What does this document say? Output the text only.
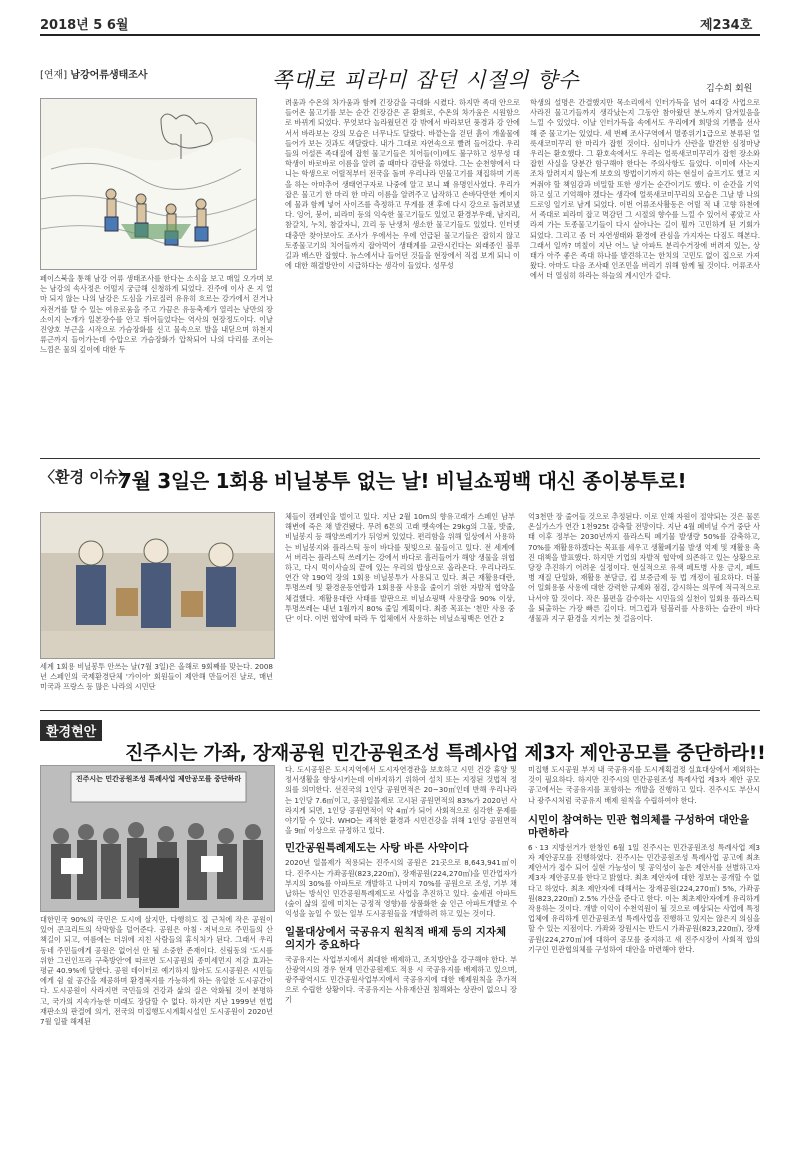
2018년 5 6월	제234호
[연재] 남강어류생태조사	쪽대로 피라미 잡던 시절의 향수	김수희 회원
페이스북을 통해 남강 어류 생태조사를 한다는 소식을 보고 매일 오가며 보는 남강의 속사정은 어떨지 궁금해 신청하게 되었다. 진주에 이사 온 지 얼마 되지 않는 나의 남강은 도심을 가로질러 유유히 흐르는 강가에서 걷거나 자전거를 탈 수 있는 여유로움을 주고 가끔은 유등축제가 열리는 낭만의 장소이지 논개가 일본장수를 안고 뛰어들었다는 역사의 현장정도이다. 이날 진양호 부근을 시작으로 가슴장화를 신고 물속으로 발을 내딛으며 하천지류근까지 들어가는데 수압으로 가슴장화가 압착되어 나의 다리를 조이는 느낌은 물의 깊이에 대한 두
려움과 수온의 차가움과 함께 긴장감을 극대화 시켰다. 하지만 족대 안으로 들어온 물고기를 보는 순간 긴장감은 곧 환희로, 수온의 차가움은 시원함으로 바뀌게 되었다. 무엇보다 놀라웠던건 강 밖에서 바라보던 풍경과 강 안에 서서 바라보는 강의 모습은 너무나도 달랐다. 바깥는을 걷던 흙이 개울물에 들어가 보는 것과도 색달랐다. 내가 그대로 자연속으로 빨려 들어갔다. 우리들의 어설픈 족대질에 잡힌 물고기들은 치어들(이)에도 불구하고 성무성 대학생이 바로바로 이름을 알려 줄 때마다 감탄을 하였다. 그는 순천향에서 다니는 학생으로 어릴적부터 전국을 돌며 우리나라 민물고기를 채집하며 기록을 하는 아마추어 생태연구자로 나중에 알고 보니 꽤 유명인사였다. 우리가 잡은 물고기 한 마리 한 마리 이름을 알려주고 납작하고 손바닥만한 케이지에 물과 함께 넣어 사이즈를 측정하고 무게를 잰 후에 다시 강으로 돌려보냈다. 잉어, 붕어, 피라미 등의 익숙한 물고기들도 있었고 환경부우래, 남지리, 참갈치, 누치, 참갈자니, 끄리 등 난생처 생소한 물고기들도 있었다. 인터넷 대충만 찾아보아도 조사가 우에서는 우에 언급된 물고기들은 잡히지 않고 토종물고기의 치어들까지 잡아먹어 생태계를 교란시킨다는 외래종인 블루길과 배스만 잡혔다. 뉴스에서나 들어던 것들을 현장에서 직접 보게 되니 이에 대한 해결방안이 시급하다는 생각이 들었다. 성무성
학생의 설명은 간결했지만 목소리에서 인터가득을 넘어 4대강 사업으로 사라진 물고기들까지 생각났는지 그동안 참아왔던 분노까지 담겨있음을 느낄 수 있었다. 이날 인터가득을 속에서도 우리에게 희망의 기쁨을 선사해 준 물고기는 있었다. 세 번째 조사구역에서 멸종위기1급으로 분류된 얼룩새코미꾸리 한 마리가 잡힌 것이다. 심미나가 산란을 발견한 심정마냥 우리는 환호했다. 그 환호속에서도 우리는 얼룩새코미꾸리가 잡힌 장소와 잡힌 사실을 당분간 함구해야 한다는 주의사항도 들었다. 이미에 사는지 조차 알려지지 않는게 보호의 방법이기까지 하는 현실이 슬프기도 했고 지켜줘야 할 책임감과 비밀할 또한 생기는 순간이기도 했다. 이 순간을 기억하고 싶고 기억해야 겠다는 생각에 얼룩새코미꾸리의 모습은 그날 밤 나의 드로잉 일기로 남게 되었다. 이번 어류조사활동은 어릴 적 내 고향 하천에서 족대로 피라미 잡고 멱감던 그 시절의 향수를 느낄 수 있어서 좋았고 사라져 가는 토종물고기들이 다시 살아나는 길이 뭘까 고민하게 된 기회가 되었다. 그리고 좀 더 자연생태와 환경에 관심을 가지자는 다짐도 해본다. 그래서 일까? 며칠이 지난 어느 날 아파트 분리수거장에 버려져 있는, 상태가 아주 좋은 족대 하나를 발견하고는 한치의 고민도 없이 집으로 가져왔다. 아마도 다음 조사때 인조민을 버리기 위해 함께 될 것이다. 어류조사에서 더 열심히 하라는 하늘의 계시인가 같다.
〈환경 이슈〉
7월 3일은 1회용 비닐봉투 없는 날! 비닐쇼핑백 대신 종이봉투로!
세계 1회용 비닐봉투 안쓰는 날(7월 3일)은 올해로 9회째를 맞는다. 2008년 스페인의 국제환경단체 '가이아' 회원들이 제안해 만들어진 날로, 매년 미국과 프랑스 등 많은 나라의 시민단
체들이 캠페인을 벌이고 있다. 지난 2월 10m의 향유고래가 스페인 남부 해변에 죽은 채 발견됐다. 무려 6톤의 고래 뱃속에는 29kg의 그물, 밧줄, 비닐봉지 등 해양쓰레기가 뒤엉켜 있었다. 편리함을 위해 일상에서 사용하는 비닐봉지와 플라스틱 등이 바다를 뒷빛으로 물들이고 있다. 전 세계에서 버리는 플라스틱 쓰레기는 강에서 바다로 흘러들어가 해양 생물을 위협하고, 다시 먹이사슬의 끝에 있는 우리의 밥상으로 올라온다. 우리나라도 연간 약 190억 장의 1회용 비닐봉투가 사용되고 있다. 최근 재활용대란, 투명쓰레 및 환경운동연합과 1회용품 사용을 줄이기 위한 자발적 협약을 체결했다. 재활용대란 사태를 발판으로 비닐쇼핑백 사용량을 90% 이상, 투명쓰레는 내년 1월까지 80% 줄일 계획이다. 최종 목표는 '천만 사용 중단' 이다. 이번 협약에 따라 두 업체에서 사용하는 비닐쇼핑백은 연간 2
억3천만 장 줄어들 것으로 추정된다. 이로 인해 자원이 절약되는 것은 물론 온실가스가 연간 1천925t 감축할 전망이다. 지난 4월 폐비닐 수거 중단 사태 이후 정부는 2030년까지 플라스틱 폐기물 발생량 50%를 감축하고, 70%를 재활용하겠다는 목표를 세우고 생활폐기물 발생 억제 및 재활용 촉진 대책을 발표했다. 하지만 기업의 자발적 협약에 의존하고 있는 상황으로 당장 추진하기 어려운 실정이다. 현실적으로 유색 페트병 사용 금지, 페트병 재질 단일화, 재활용 분담금, 컵 보증금제 등 법 개정이 필요하다. 더불어 일회용품 사용에 대한 강력한 규제와 점검, 감시하는 의무에 적극적으로 나서야 할 것이다. 작은 불편을 감수하는 시민들의 실천이 일회용 플라스틱을 퇴출하는 가장 빠른 길이다. 머그컵과 텀블러를 사용하는 습관이 바다 생물과 지구 환경을 지키는 첫 걸음이다.
환경현안
진주시는 가좌, 장재공원 민간공원조성 특례사업 제3자 제안공모를 중단하라!!
진주시는 민간공원조성 특례사업 제안공모를 중단하라
대한민국 90%의 국민은 도시에 살지만, 다행히도 집 근처에 작은 공원이 있어 콘크리트의 삭막함을 덜어준다. 공원은 아침ㆍ저녁으로 주민들의 산책길이 되고, 여름에는 더위에 지친 사람들의 휴식처가 된다. 그래서 우리 동네 주민들에게 공원은 없어선 안 될 소중한 존재이다. 신림동의 '도시를 위한 그린인프라 구축방안'에 따르면 도시공원의 종미세먼지 저감 효과는 평균 40.9%에 달한다. 공원 데이터로 예기하지 않아도 도시공원은 시민들에게 쉼 쉴 공간을 제공하며 환경복지를 가능하게 하는 유일한 도시공간이다. 도시공원이 사라지면 국민들의 건강과 삶의 질은 악화될 것이 분명하고, 국가의 지속가능한 미래도 장담할 수 없다. 하지만 지난 1999년 헌법재판소의 판결에 의거, 전국의 미집행도시계획시설인 도시공원이 2020년 7월 일괄 해제된
다. 도시공원은 도시지역에서 도시자연경관을 보호하고 시민 건강 휴양 및 정서생활을 향상시키는데 이바지하기 위하여 설치 또는 지정된 것법적 정의를 의미한다. 선진국의 1인당 공원면적은 20~30㎡인데 반해 우리나라는 1인당 7.6㎡이고, 공원일몰제로 고시된 공원면적의 83%가 2020년 사라지게 되면, 1인당 공원면적이 약 4㎡가 되어 사회적으로 심각한 문제를 야기할 수 있다. WHO는 쾌적한 환경과 시민건강을 위해 1인당 공원면적을 9㎡ 이상으로 규정하고 있다.
민간공원특례제도는 사탕 바른 사약이다
2020년 일몰제가 적용되는 진주시의 공원은 21곳으로 8,643,941㎡이다. 진주시는 가좌공원(823,220㎡), 장재공원(224,270㎡)을 민간업자가 부지의 30%를 아파트로 개발하고 나머지 70%를 공원으로 조성, 기부 채납하는 방식인 민간공원특례제도로 사업을 추진하고 있다. 숲세권 아파트(숲이 삶의 질에 미치는 긍정적 영향)를 상품화한 숲 인근 아파트개발로 수익성을 높일 수 있는 일부 도시공원들을 개발하려 하고 있는 것이다.
일몰대상에서 국공유지 원칙적 배제 등의 지자체 의지가 중요하다
국공유지는 사업부지에서 최대한 배제하고, 조치방안을 강구해야 한다. 부산광역시의 경우 현재 민간공원제도 적용 시 국공유지를 배제하고 있으며, 광주광역시도 민간공원사업부지에서 국공유지에 대한 배제원칙을 추가적으로 수립한 상황이다. 국공유지는 사유재산권 침해와는 상관이 없으니 장기
미집행 도시공원 부지 내 국공유지를 도시계획결정 실효대상에서 제외하는 것이 필요하다. 하지만 진주시의 민간공원조성 특례사업 제3자 제안 공모 공고에서는 국공유지를 포함하는 개발을 진행하고 있다. 진주시도 부산시나 광주시처럼 국공유지 배제 원칙을 수립하여야 한다.
시민이 참여하는 민관 협의체를 구성하여 대안을 마련하라
6ㆍ13 지방선거가 한창인 6월 1일 진주시는 민간공원조성 특례사업 제3자 제안공모를 진행하였다. 진주시는 민간공원조성 특례사업 공고에 최초 제안서가 접수 되어 실현 가능성이 및 공익성이 높은 제안서를 선별하고자 제3자 제안공모를 한다고 밝혔다. 최초 제안자에 대한 정보는 공개할 수 없다고 하였다. 최초 제안자에 대해서는 장재공원(224,270㎡) 5%, 가좌공원(823,220㎡) 2.5% 가산을 준다고 한다. 이는 최초제안자에게 유리하게 작용하는 것이다. 개발 이익이 수천억원이 될 것으로 예상되는 사업에 특정업체에 유리하게 민간공원조성 특례사업을 진행하고 있지는 않은지 의심을 할 수 있는 지점이다. 가좌와 장원시는 반드시 가좌공원(823,220㎡), 장재공원(224,270㎡)에 대하여 공모를 중지하고 새 진주시장이 사회적 합의기구인 민관협의체를 구성하여 대안을 마련해야 한다.
